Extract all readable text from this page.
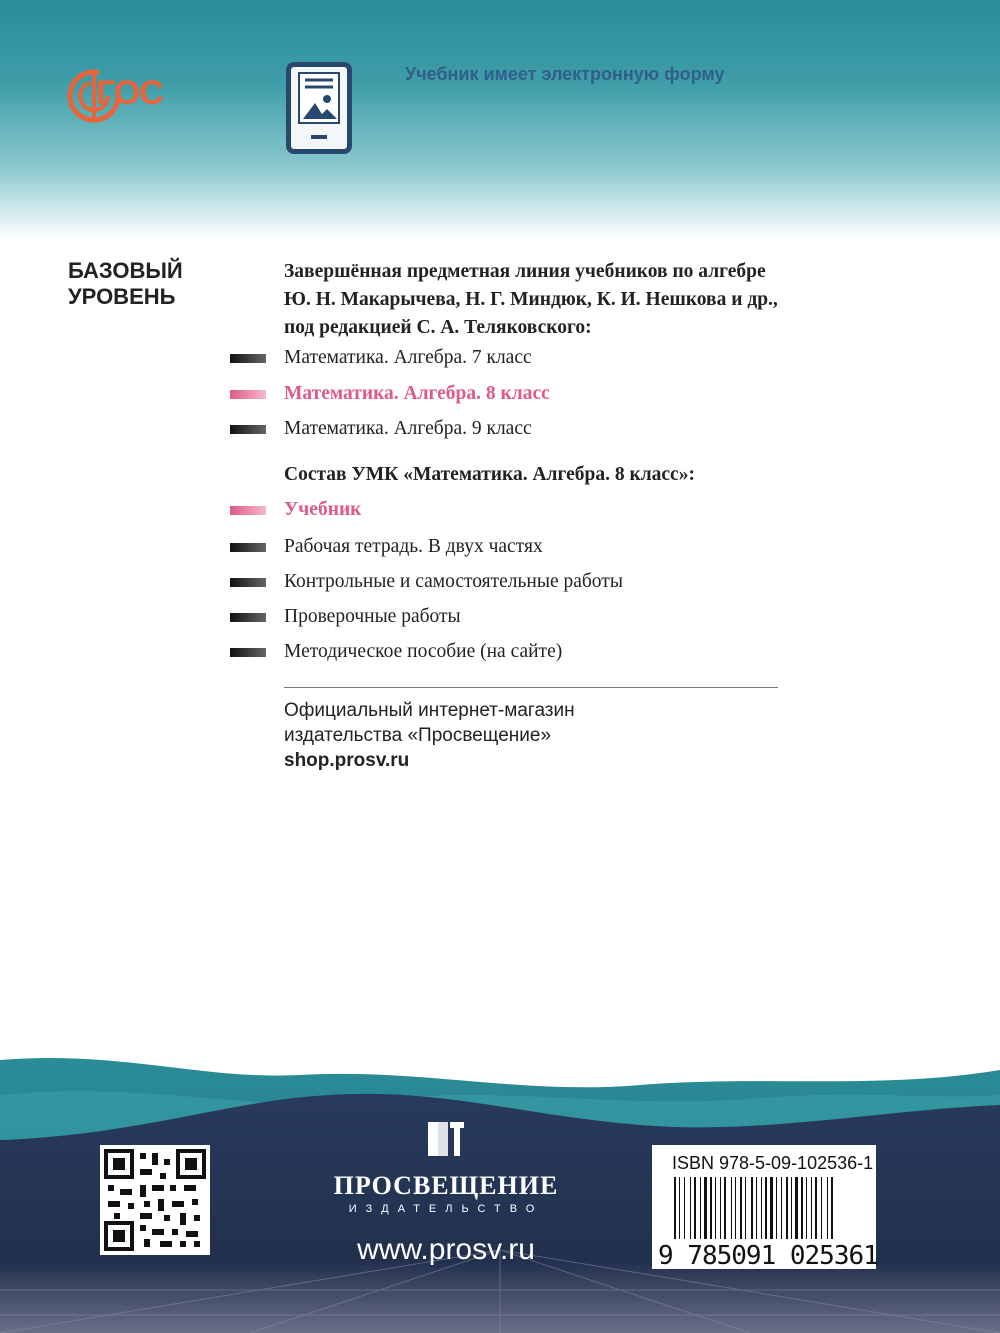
ГОС	Учебник имеет электронную форму
БАЗОВЫЙ
УРОВЕНЬ
Завершённая предметная линия учебников по алгебре
Ю. Н. Макарычева, Н. Г. Миндюк, К. И. Нешкова и др.,
под редакцией С. А. Теляковского:
Математика. Алгебра. 7 класс
Математика. Алгебра. 8 класс
Математика. Алгебра. 9 класс
Состав УМК «Математика. Алгебра. 8 класс»:
Учебник
Рабочая тетрадь. В двух частях
Контрольные и самостоятельные работы
Проверочные работы
Методическое пособие (на сайте)
Официальный интернет-магазин
издательства «Просвещение»
shop.prosv.ru
ПРОСВЕЩЕНИЕ
ИЗДАТЕЛЬСТВО
www.prosv.ru
ISBN 978-5-09-102536-1
9 785091 025361
